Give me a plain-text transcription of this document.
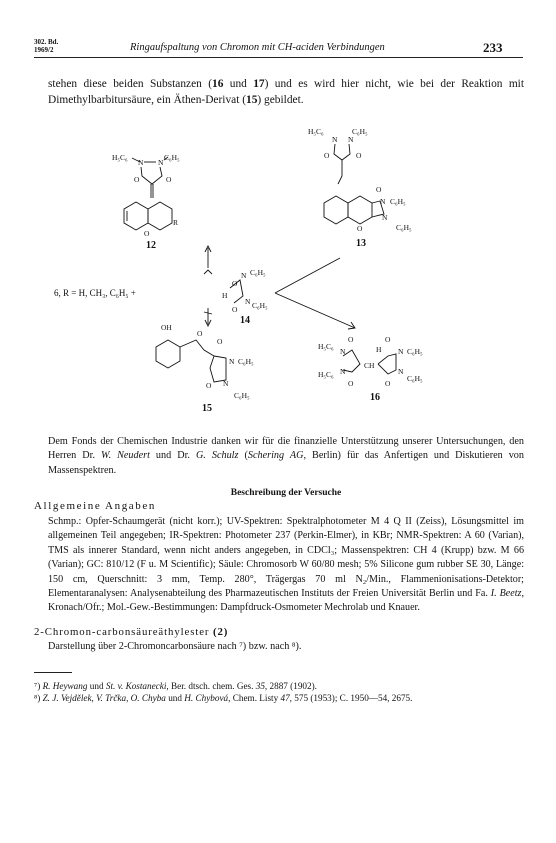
302. Bd.
1969/2	Ringaufspaltung von Chromon mit CH-aciden Verbindungen	233

stehen diese beiden Substanzen (16 und 17) und es wird hier nicht, wie bei der Reaktion mit Dimethylbarbitursäure, ein Äthen-Derivat (15) gebildet.

H₅C₆	C₆H₅
N N
O	O
R
O
12
6, R = H, CH₃, C₆H₅ +
O
H
N C₆H₅
N C₆H₅
O
14
H₅C₆	C₆H₅
N N
O	O
O
O
N C₆H₅
N
C₆H₅
13
OH
O
O
N C₆H₅
N
C₆H₅
O
15
H₅C₆
H₅C₆
N
N
O
O
CH
H
O
N C₆H₅
N
C₆H₅
O
16

Dem Fonds der Chemischen Industrie danken wir für die finanzielle Unterstützung unserer Untersuchungen, den Herren Dr. W. Neudert und Dr. G. Schulz (Schering AG, Berlin) für das Anfertigen und Diskutieren von Massenspektren.

Beschreibung der Versuche
Allgemeine Angaben

Schmp.: Opfer-Schaumgerät (nicht korr.); UV-Spektren: Spektralphotometer M 4 Q II (Zeiss), Lösungsmittel im allgemeinen Teil angegeben; IR-Spektren: Photometer 237 (Perkin-Elmer), in KBr; NMR-Spektren: A 60 (Varian), TMS als innerer Standard, wenn nicht anders angegeben, in CDCl₃; Massenspektren: CH 4 (Krupp) bzw. M 66 (Varian); GC: 810/12 (F u. M Scientific); Säule: Chromosorb W 60/80 mesh; 5% Silicone gum rubber SE 30, Länge: 150 cm, Querschnitt: 3 mm, Temp. 280°, Trägergas 70 ml N₂/Min., Flammenionisations-Detektor; Elementaranalysen: Analysenabteilung des Pharmazeutischen Instituts der Freien Universität Berlin und Fa. I. Beetz, Kronach/Ofr.; Mol.-Gew.-Bestimmungen: Dampfdruck-Osmometer Mechrolab und Knauer.

2-Chromon-carbonsäureäthylester (2)
Darstellung über 2-Chromoncarbonsäure nach ⁷) bzw. nach ⁸).
⁷) R. Heywang und St. v. Kostanecki, Ber. dtsch. chem. Ges. 35, 2887 (1902).
⁸) Z. J. Vejdělek, V. Trčka, O. Chyba und H. Chybová, Chem. Listy 47, 575 (1953); C. 1950—54, 2675.
